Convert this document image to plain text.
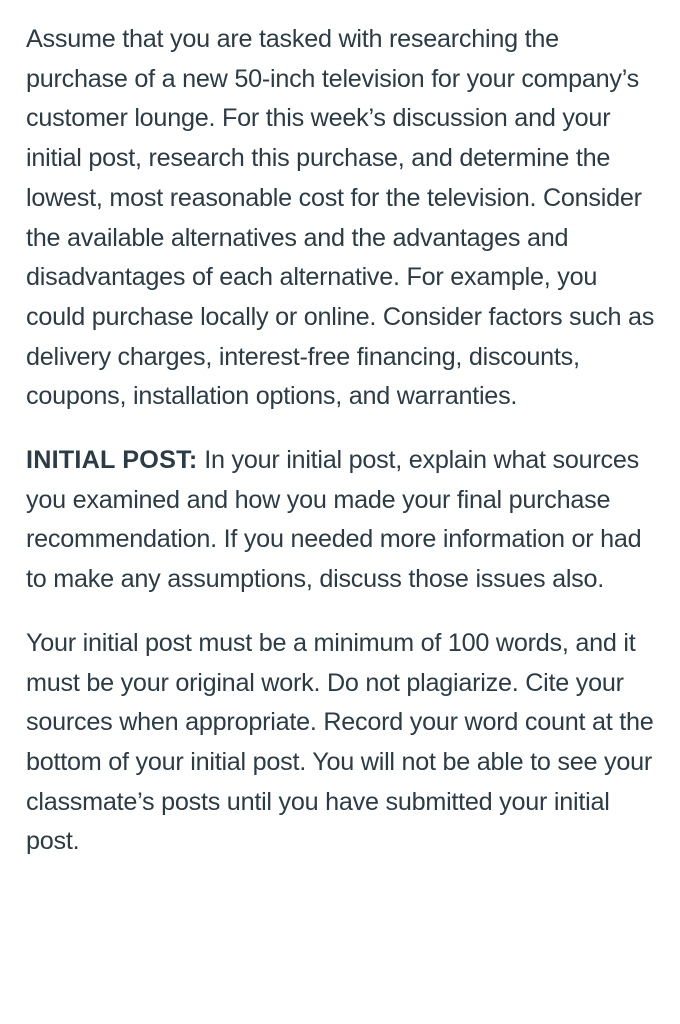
Assume that you are tasked with researching the purchase of a new 50-inch television for your company’s customer lounge. For this week’s discussion and your initial post, research this purchase, and determine the lowest, most reasonable cost for the television. Consider the available alternatives and the advantages and disadvantages of each alternative. For example, you could purchase locally or online. Consider factors such as delivery charges, interest-free financing, discounts, coupons, installation options, and warranties.

INITIAL POST: In your initial post, explain what sources you examined and how you made your final purchase recommendation. If you needed more information or had to make any assumptions, discuss those issues also.

Your initial post must be a minimum of 100 words, and it must be your original work. Do not plagiarize. Cite your sources when appropriate. Record your word count at the bottom of your initial post. You will not be able to see your classmate’s posts until you have submitted your initial post.
